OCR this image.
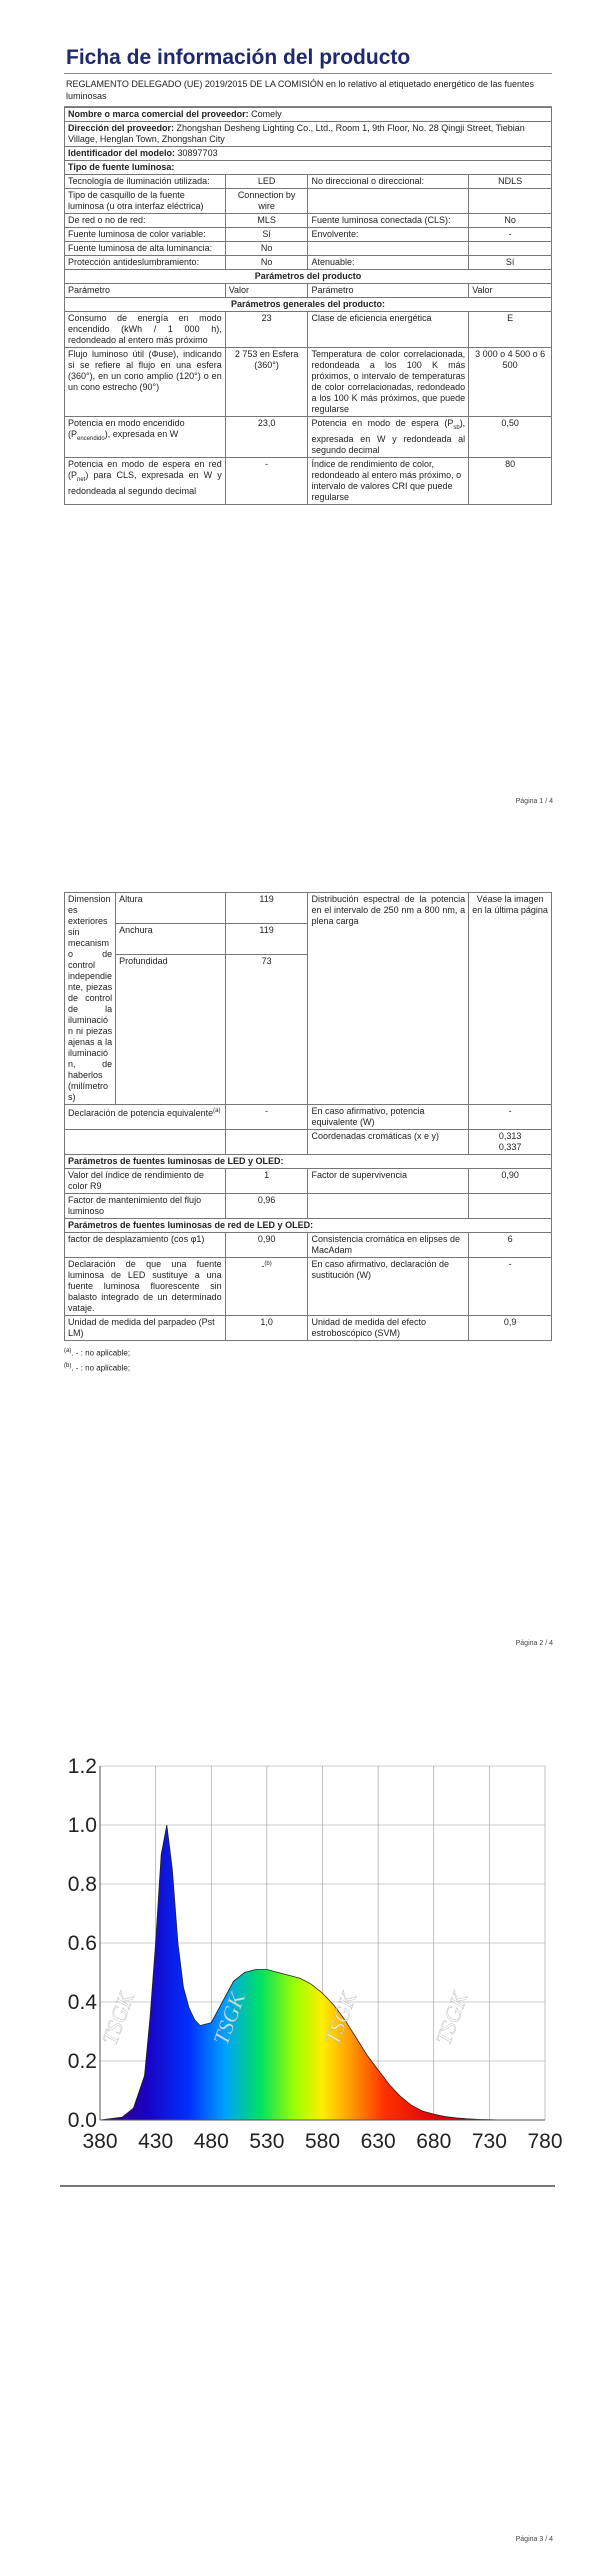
Ficha de información del producto
REGLAMENTO DELEGADO (UE) 2019/2015 DE LA COMISIÓN en lo relativo al etiquetado energético de las fuentes luminosas
Nombre o marca comercial del proveedor: Comely			
Dirección del proveedor: Zhongshan Desheng Lighting Co., Ltd., Room 1, 9th Floor, No. 28 Qingji Street, Tiebian Village, Henglan Town, Zhongshan City			
Identificador del modelo: 30897703			
Tipo de fuente luminosa:			
Tecnología de iluminación utilizada:	LED	No direccional o direccional:	NDLS
Tipo de casquillo de la fuente luminosa (u otra interfaz eléctrica)	Connection by wire		
De red o no de red:	MLS	Fuente luminosa conectada (CLS):	No
Fuente luminosa de color variable:	Sí	Envolvente:	-
Fuente luminosa de alta luminancia:	No		
Protección antideslumbramiento:	No	Atenuable:	Sí
Parámetros del producto			
Parámetro	Valor	Parámetro	Valor
Parámetros generales del producto:			
Consumo de energía en modo encendido (kWh / 1 000 h), redondeado al entero más próximo	23	Clase de eficiencia energética	E
Flujo luminoso útil (Φuse), indicando si se refiere al flujo en una esfera (360°), en un cono amplio (120°) o en un cono estrecho (90°)	2 753 en Esfera (360°)	Temperatura de color correlacionada, redondeada a los 100 K más próximos, o intervalo de temperaturas de color correlacionadas, redondeado a los 100 K más próximos, que puede regularse	3 000 o 4 500 o 6 500
Potencia en modo encendido $(P_{encendido})$, expresada en W	23,0	Potencia en modo de espera $(P_{sb})$, expresada en W y redondeada al segundo decimal	0,50
Potencia en modo de espera en red $(P_{net})$ para CLS, expresada en W y redondeada al segundo decimal	-	Índice de rendimiento de color, redondeado al entero más próximo, o intervalo de valores CRI que puede regularse	80
Página 1 / 4
Dimensiones exteriores sin mecanismo de control independiente, piezas de control de la iluminación ni piezas ajenas a la iluminación, de haberlos (milímetros)	Altura	119	Distribución espectral de la potencia en el intervalo de 250 nm a 800 nm, a plena carga	Véase la imagen en la última página
	Anchura	119		
	Profundidad	73		
Declaración de potencia equivalente$^{(a)}$		-	En caso afirmativo, potencia equivalente (W)	-
			Coordenadas cromáticas (x e y)	0,313
0,337

Parámetros de fuentes luminosas de LED y OLED:				
Valor del índice de rendimiento de color R9		1	Factor de supervivencia	0,90
Factor de mantenimiento del flujo luminoso		0,96		
Parámetros de fuentes luminosas de red de LED y OLED:				
factor de desplazamiento (cos φ1)		0,90	Consistencia cromática en elipses de MacAdam	6
Declaración de que una fuente luminosa de LED sustituye a una fuente luminosa fluorescente sin balasto integrado de un determinado vataje.		-$^{(b)}$	En caso afirmativo, declaración de sustitución (W)	-
Unidad de medida del parpadeo (Pst LM)		1,0	Unidad de medida del efecto estroboscópico (SVM)	0,9
$^{(a)}$. - : no aplicable;
$^{(b)}$. - : no aplicable;
Página 2 / 4
TSGK	TSGK	TSGK	TSGK
380 430 480 530 580 630 680 730 780
0.0
0.2
0.4
0.6
0.8
1.0
1.2
Página 3 / 4
